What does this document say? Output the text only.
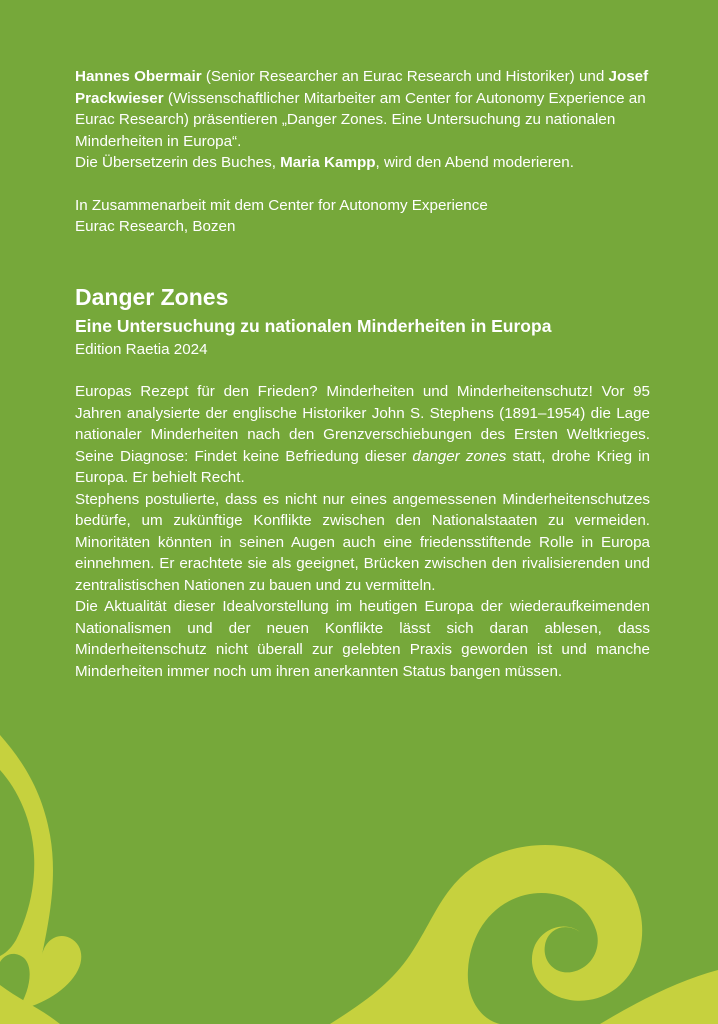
Hannes Obermair (Senior Researcher an Eurac Research und Historiker) und Josef Prackwieser (Wissenschaftlicher Mitarbeiter am Center for Autonomy Experience an Eurac Research) präsentieren „Danger Zones. Eine Untersuchung zu nationalen Minderheiten in Europa“.

Die Übersetzerin des Buches, Maria Kampp, wird den Abend moderieren.

In Zusammenarbeit mit dem Center for Autonomy Experience

Eurac Research, Bozen

Danger Zones
Eine Untersuchung zu nationalen Minderheiten in Europa

Edition Raetia 2024

Europas Rezept für den Frieden? Minderheiten und Minderheitenschutz! Vor 95 Jahren analysierte der englische Historiker John S. Stephens (1891–1954) die Lage nationaler Minderheiten nach den Grenzverschiebungen des Ersten Weltkrieges. Seine Diagnose: Findet keine Befriedung dieser danger zones statt, drohe Krieg in Europa. Er behielt Recht.

Stephens postulierte, dass es nicht nur eines angemessenen Minderheitenschutzes bedürfe, um zukünftige Konflikte zwischen den Nationalstaaten zu vermeiden. Minoritäten könnten in seinen Augen auch eine friedensstiftende Rolle in Europa einnehmen. Er erachtete sie als geeignet, Brücken zwischen den rivalisierenden und zentralistischen Nationen zu bauen und zu vermitteln.

Die Aktualität dieser Idealvorstellung im heutigen Europa der wiederaufkeimenden Nationalismen und der neuen Konflikte lässt sich daran ablesen, dass Minderheitenschutz nicht überall zur gelebten Praxis geworden ist und manche Minderheiten immer noch um ihren anerkannten Status bangen müssen.
